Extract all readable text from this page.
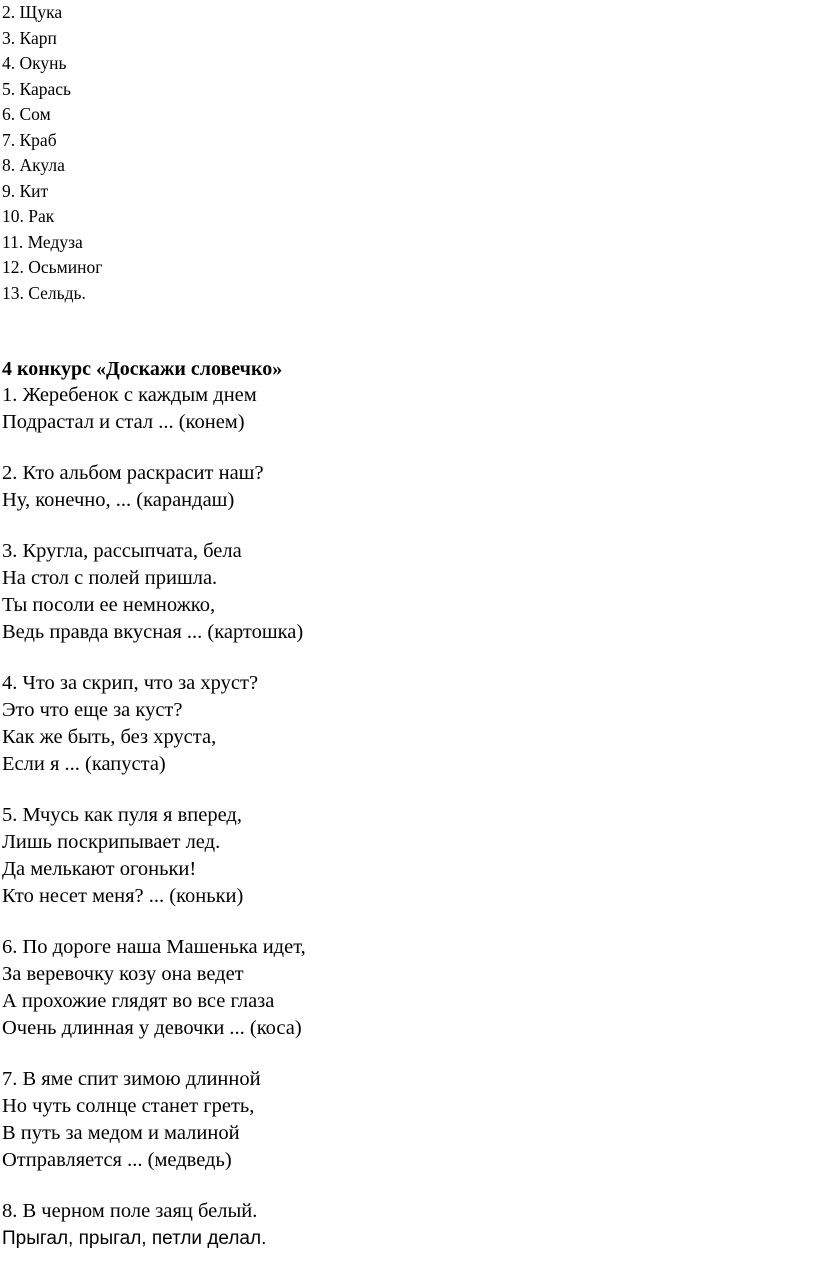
2. Щука
3. Карп
4. Окунь
5. Карась
6. Сом
7. Краб
8. Акула
9. Кит
10. Рак
11. Медуза
12. Осьминог
13. Сельдь.
4 конкурс «Доскажи словечко»
1. Жеребенок с каждым днем
Подрастал и стал ... (конем)
2. Кто альбом раскрасит наш?
Ну, конечно, ... (карандаш)
3. Кругла, рассыпчата, бела
На стол с полей пришла.
Ты посоли ее немножко,
Ведь правда вкусная ... (картошка)
4. Что за скрип, что за хруст?
Это что еще за куст?
Как же быть, без хруста,
Если я ... (капуста)
5. Мчусь как пуля я вперед,
Лишь поскрипывает лед.
Да мелькают огоньки!
Кто несет меня? ... (коньки)
6. По дороге наша Машенька идет,
За веревочку козу она ведет
А прохожие глядят во все глаза
Очень длинная у девочки ... (коса)
7. В яме спит зимою длинной
Но чуть солнце станет греть,
В путь за медом и малиной
Отправляется ... (медведь)
8. В черном поле заяц белый.
Прыгал, прыгал, петли делал.
